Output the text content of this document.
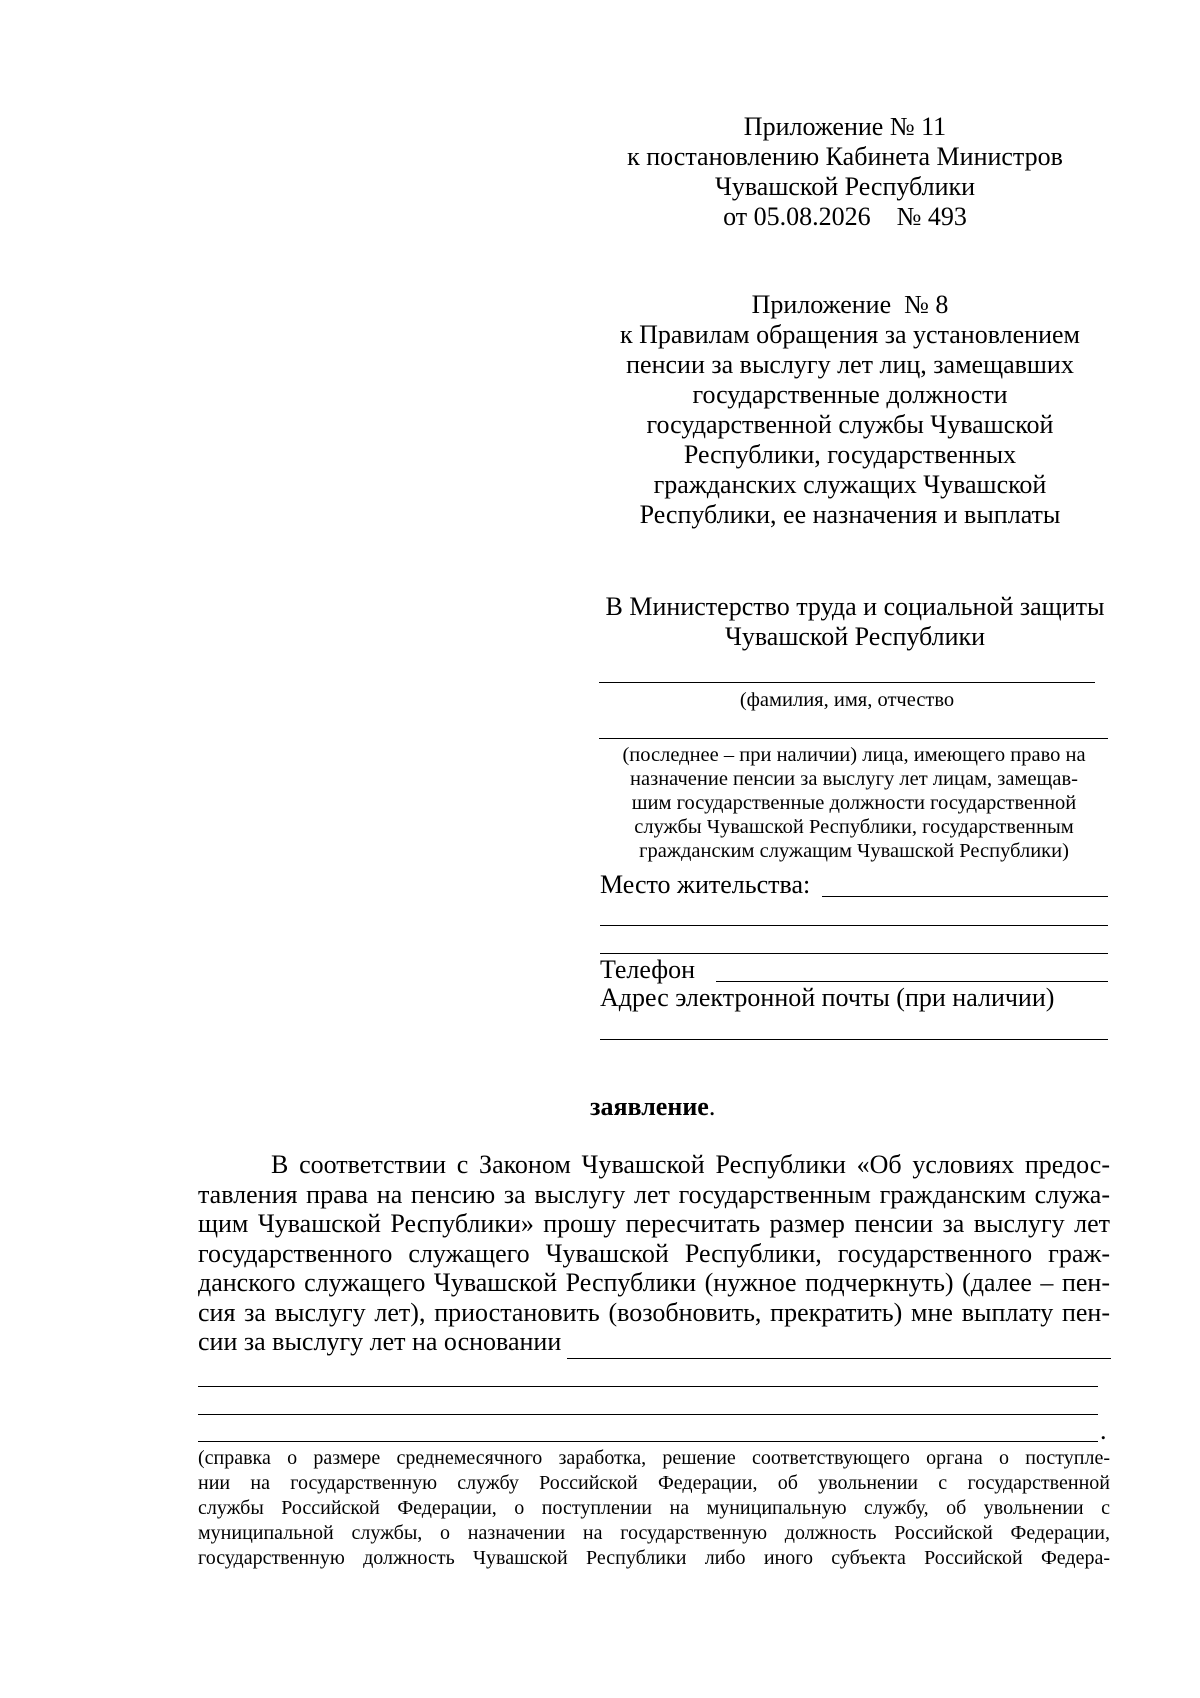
Приложение № 11
к постановлению Кабинета Министров
Чувашской Республики
от 05.08.2026    № 493
Приложение  № 8
к Правилам обращения за установлением
пенсии за выслугу лет лиц, замещавших
государственные должности
государственной службы Чувашской
Республики, государственных
гражданских служащих Чувашской
Республики, ее назначения и выплаты
В Министерство труда и социальной защиты
Чувашской Республики
(фамилия, имя, отчество
(последнее – при наличии) лица, имеющего право на
назначение пенсии за выслугу лет лицам, замещав-
шим государственные должности государственной
службы Чувашской Республики, государственным
гражданским служащим Чувашской Республики)
Место жительства:
Телефон
Адрес электронной почты (при наличии)
заявление.
В соответствии с Законом Чувашской Республики «Об условиях предос-
тавления права на пенсию за выслугу лет государственным гражданским служа-
щим Чувашской Республики» прошу пересчитать размер пенсии за выслугу лет
государственного служащего Чувашской Республики, государственного граж-
данского служащего Чувашской Республики (нужное подчеркнуть) (далее – пен-
сия за выслугу лет), приостановить (возобновить, прекратить) мне выплату пен-
сии за выслугу лет на основании
.
(справка о размере среднемесячного заработка, решение соответствующего органа о поступле-
нии на государственную службу Российской Федерации, об увольнении с государственной
службы Российской Федерации, о поступлении на муниципальную службу, об увольнении с
муниципальной службы, о назначении на государственную должность Российской Федерации,
государственную должность Чувашской Республики либо иного субъекта Российской Федера-
